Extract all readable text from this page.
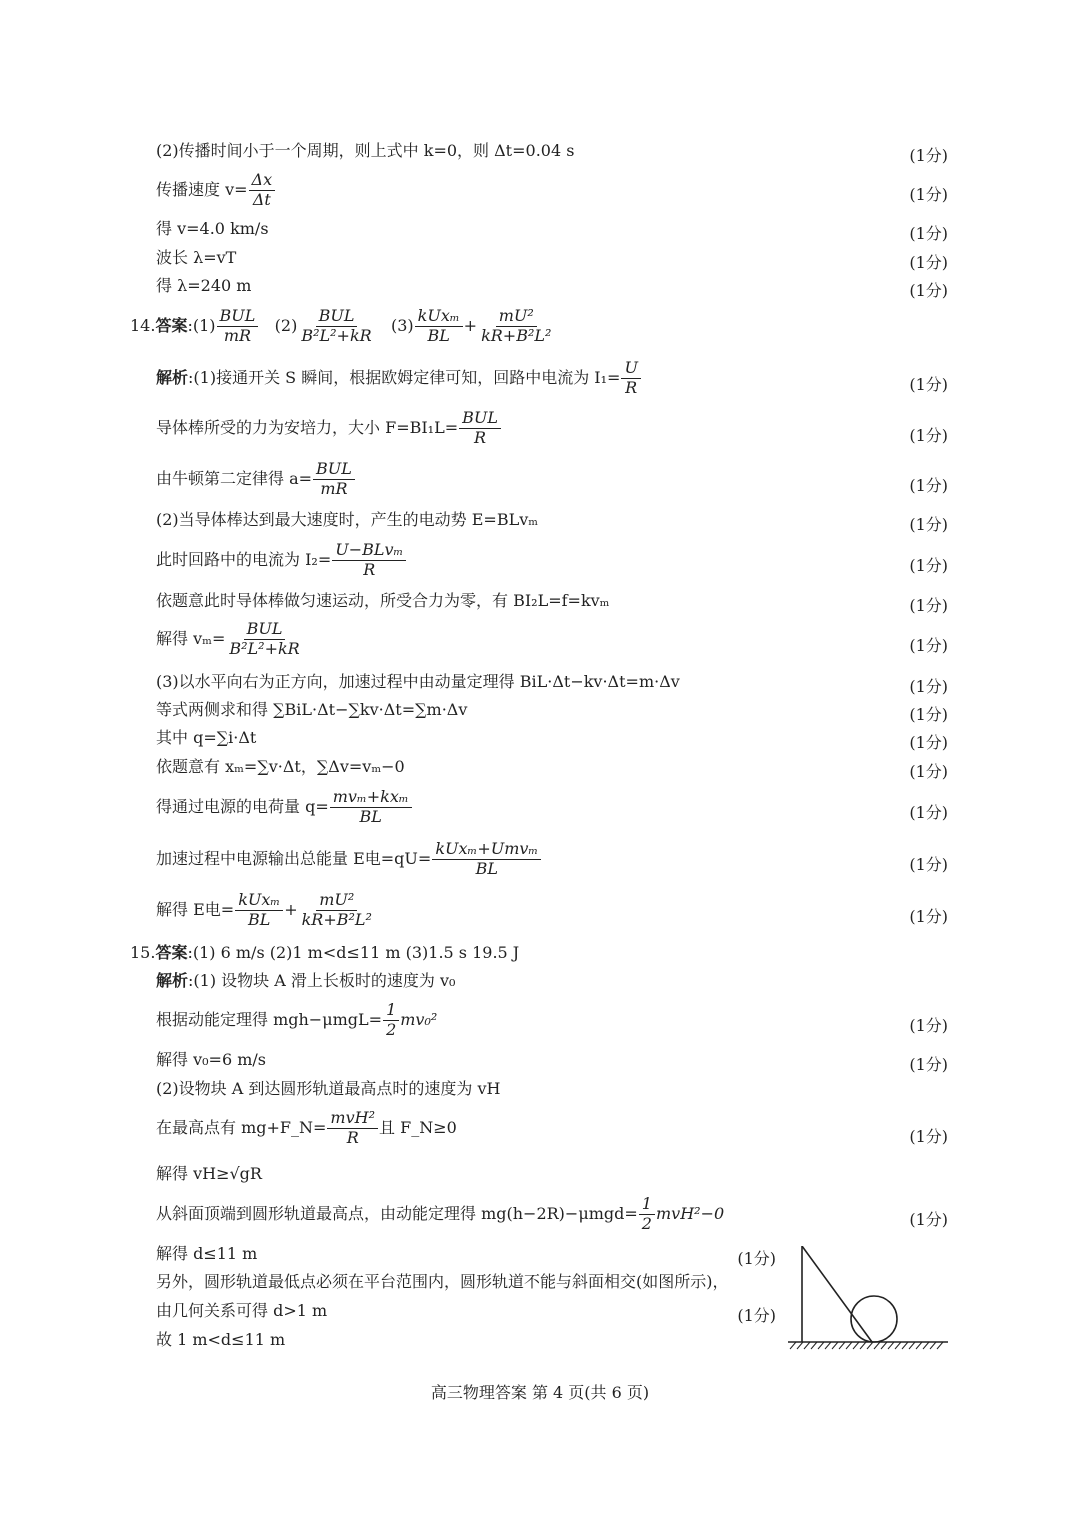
(2)传播时间小于一个周期，则上式中 k=0，则 Δt=0.04 s	(1分)
传播速度 $v= \frac{\Delta x}{\Delta t}$	(1分)
得 v=4.0 km/s	(1分)
波长 λ=vT	(1分)
得 λ=240 m	(1分)
14.答案:(1) $\frac{\text{BUL}}{mR} (2) \frac{\text{BUL}}{\text{B²L²+kR}} (3) \frac{\text{kUxₘ}}{BL} + \frac{\text{mU²}}{\text{kR+B²L²}}$
解析:(1)接通开关 S 瞬间，根据欧姆定律可知，回路中电流为 $I_1= \frac{U}{R}$	(1分)
导体棒所受的力为安培力，大小 $F=BI_1L= \frac{\text{BUL}}{R}$	(1分)
由牛顿第二定律得 $a= \frac{\text{BUL}}{mR}$	(1分)
(2)当导体棒达到最大速度时，产生的电动势 E=BLvₘ	(1分)
此时回路中的电流为 $I_2= \frac{\text{U−BLvₘ}}{R}$	(1分)
依题意此时导体棒做匀速运动，所受合力为零，有 BI₂L=f=kvₘ	(1分)
解得 $v_m= \frac{\text{BUL}}{\text{B²L²+kR}}$	(1分)
(3)以水平向右为正方向，加速过程中由动量定理得 BiL·Δt−kv·Δt=m·Δv	(1分)
等式两侧求和得 ∑BiL·Δt−∑kv·Δt=∑m·Δv	(1分)
其中 q=∑i·Δt	(1分)
依题意有 xₘ=∑v·Δt，∑Δv=vₘ−0	(1分)
得通过电源的电荷量 $q= \frac{\text{mvₘ+kxₘ}}{BL}$	(1分)
加速过程中电源输出总能量 E电$=qU= \frac{\text{kUxₘ+Umvₘ}}{BL}$	(1分)
解得 E电= $\frac{\text{kUxₘ}}{BL} + \frac{\text{mU²}}{\text{kR+B²L²}}$	(1分)
15.答案:(1) 6 m/s (2)1 m<d≤11 m (3)1.5 s 19.5 J
解析:(1) 设物块 A 滑上长板时的速度为 v₀
根据动能定理得 $mgh-\mu mgL= \frac{1}{2} mv_0^2$	(1分)
解得 v₀=6 m/s	(1分)
(2)设物块 A 到达圆形轨道最高点时的速度为 vH
在最高点有 mg+F_N= $\frac{\text{mvH²}}{R}$ 且 F_N≥0	(1分)
解得 vH≥√gR
从斜面顶端到圆形轨道最高点，由动能定理得 $mg(h-2R)-\mu mgd= \frac{1}{2} mvH^2-0$	(1分)
解得 d≤11 m	(1分)
另外，圆形轨道最低点必须在平台范围内，圆形轨道不能与斜面相交(如图所示)，
由几何关系可得 d>1 m	(1分)
故 1 m<d≤11 m
高三物理答案 第 4 页(共 6 页)
